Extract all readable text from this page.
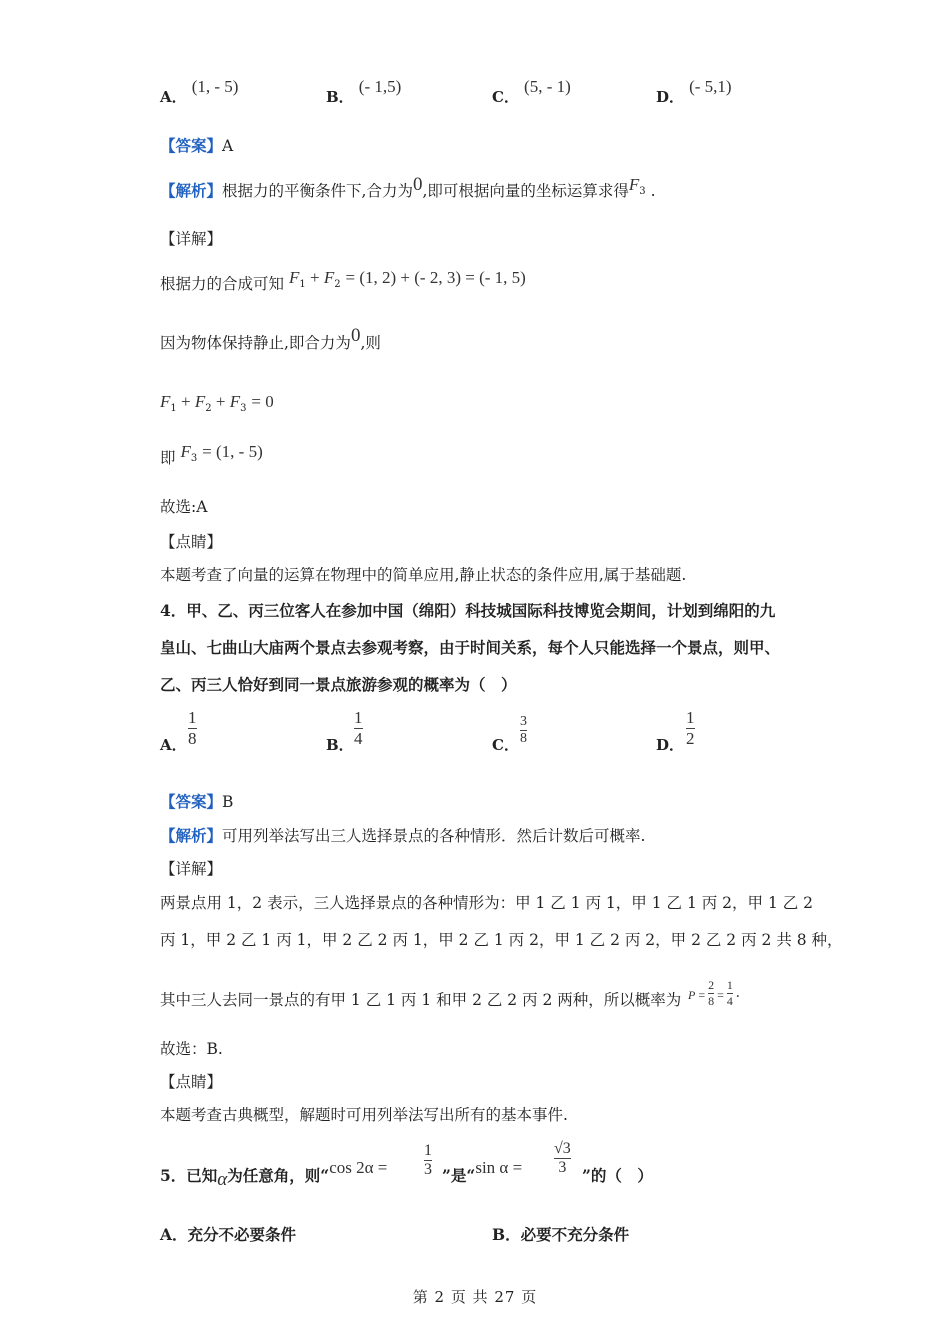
A． (1, - 5)
B． (- 1,5)
C． (5, - 1)
D． (- 5,1)
【答案】A
【解析】根据力的平衡条件下,合力为0,即可根据向量的坐标运算求得$F_3$ .
【详解】
根据力的合成可知 $F_1 + F_2 = (1$, 2) + (- 2, 3) = (- 1, 5)
因为物体保持静止,即合力为0,则
$F_1 + F_2 + F_3 = 0$
即 $F_3 = (1$, - 5)
故选:A
【点睛】
本题考查了向量的运算在物理中的简单应用,静止状态的条件应用,属于基础题.
4．甲、乙、丙三位客人在参加中国（绵阳）科技城国际科技博览会期间，计划到绵阳的九
皇山、七曲山大庙两个景点去参观考察，由于时间关系，每个人只能选择一个景点，则甲、
乙、丙三人恰好到同一景点旅游参观的概率为（　）
A．
1
8	B．
1
4	C．
3
8	D．
1
2
【答案】B
【解析】可用列举法写出三人选择景点的各种情形．然后计数后可概率.
【详解】
两景点用 1，2 表示，三人选择景点的各种情形为：甲 1 乙 1 丙 1，甲 1 乙 1 丙 2，甲 1 乙 2
丙 1，甲 2 乙 1 丙 1，甲 2 乙 2 丙 1，甲 2 乙 1 丙 2，甲 1 乙 2 丙 2，甲 2 乙 2 丙 2 共 8 种，
其中三人去同一景点的有甲 1 乙 1 丙 1 和甲 2 乙 2 丙 2 两种，所以概率为 $P = \frac{2}{8} = \frac{1}{4}$ .
故选：B.
【点睛】
本题考查古典概型，解题时可用列举法写出所有的基本事件.
5．已知α为任意角，则“cos 2α =
1
3 ”是“sin α =
√3
3 ”的（　）
A．充分不必要条件	B．必要不充分条件
第 2 页 共 27 页
